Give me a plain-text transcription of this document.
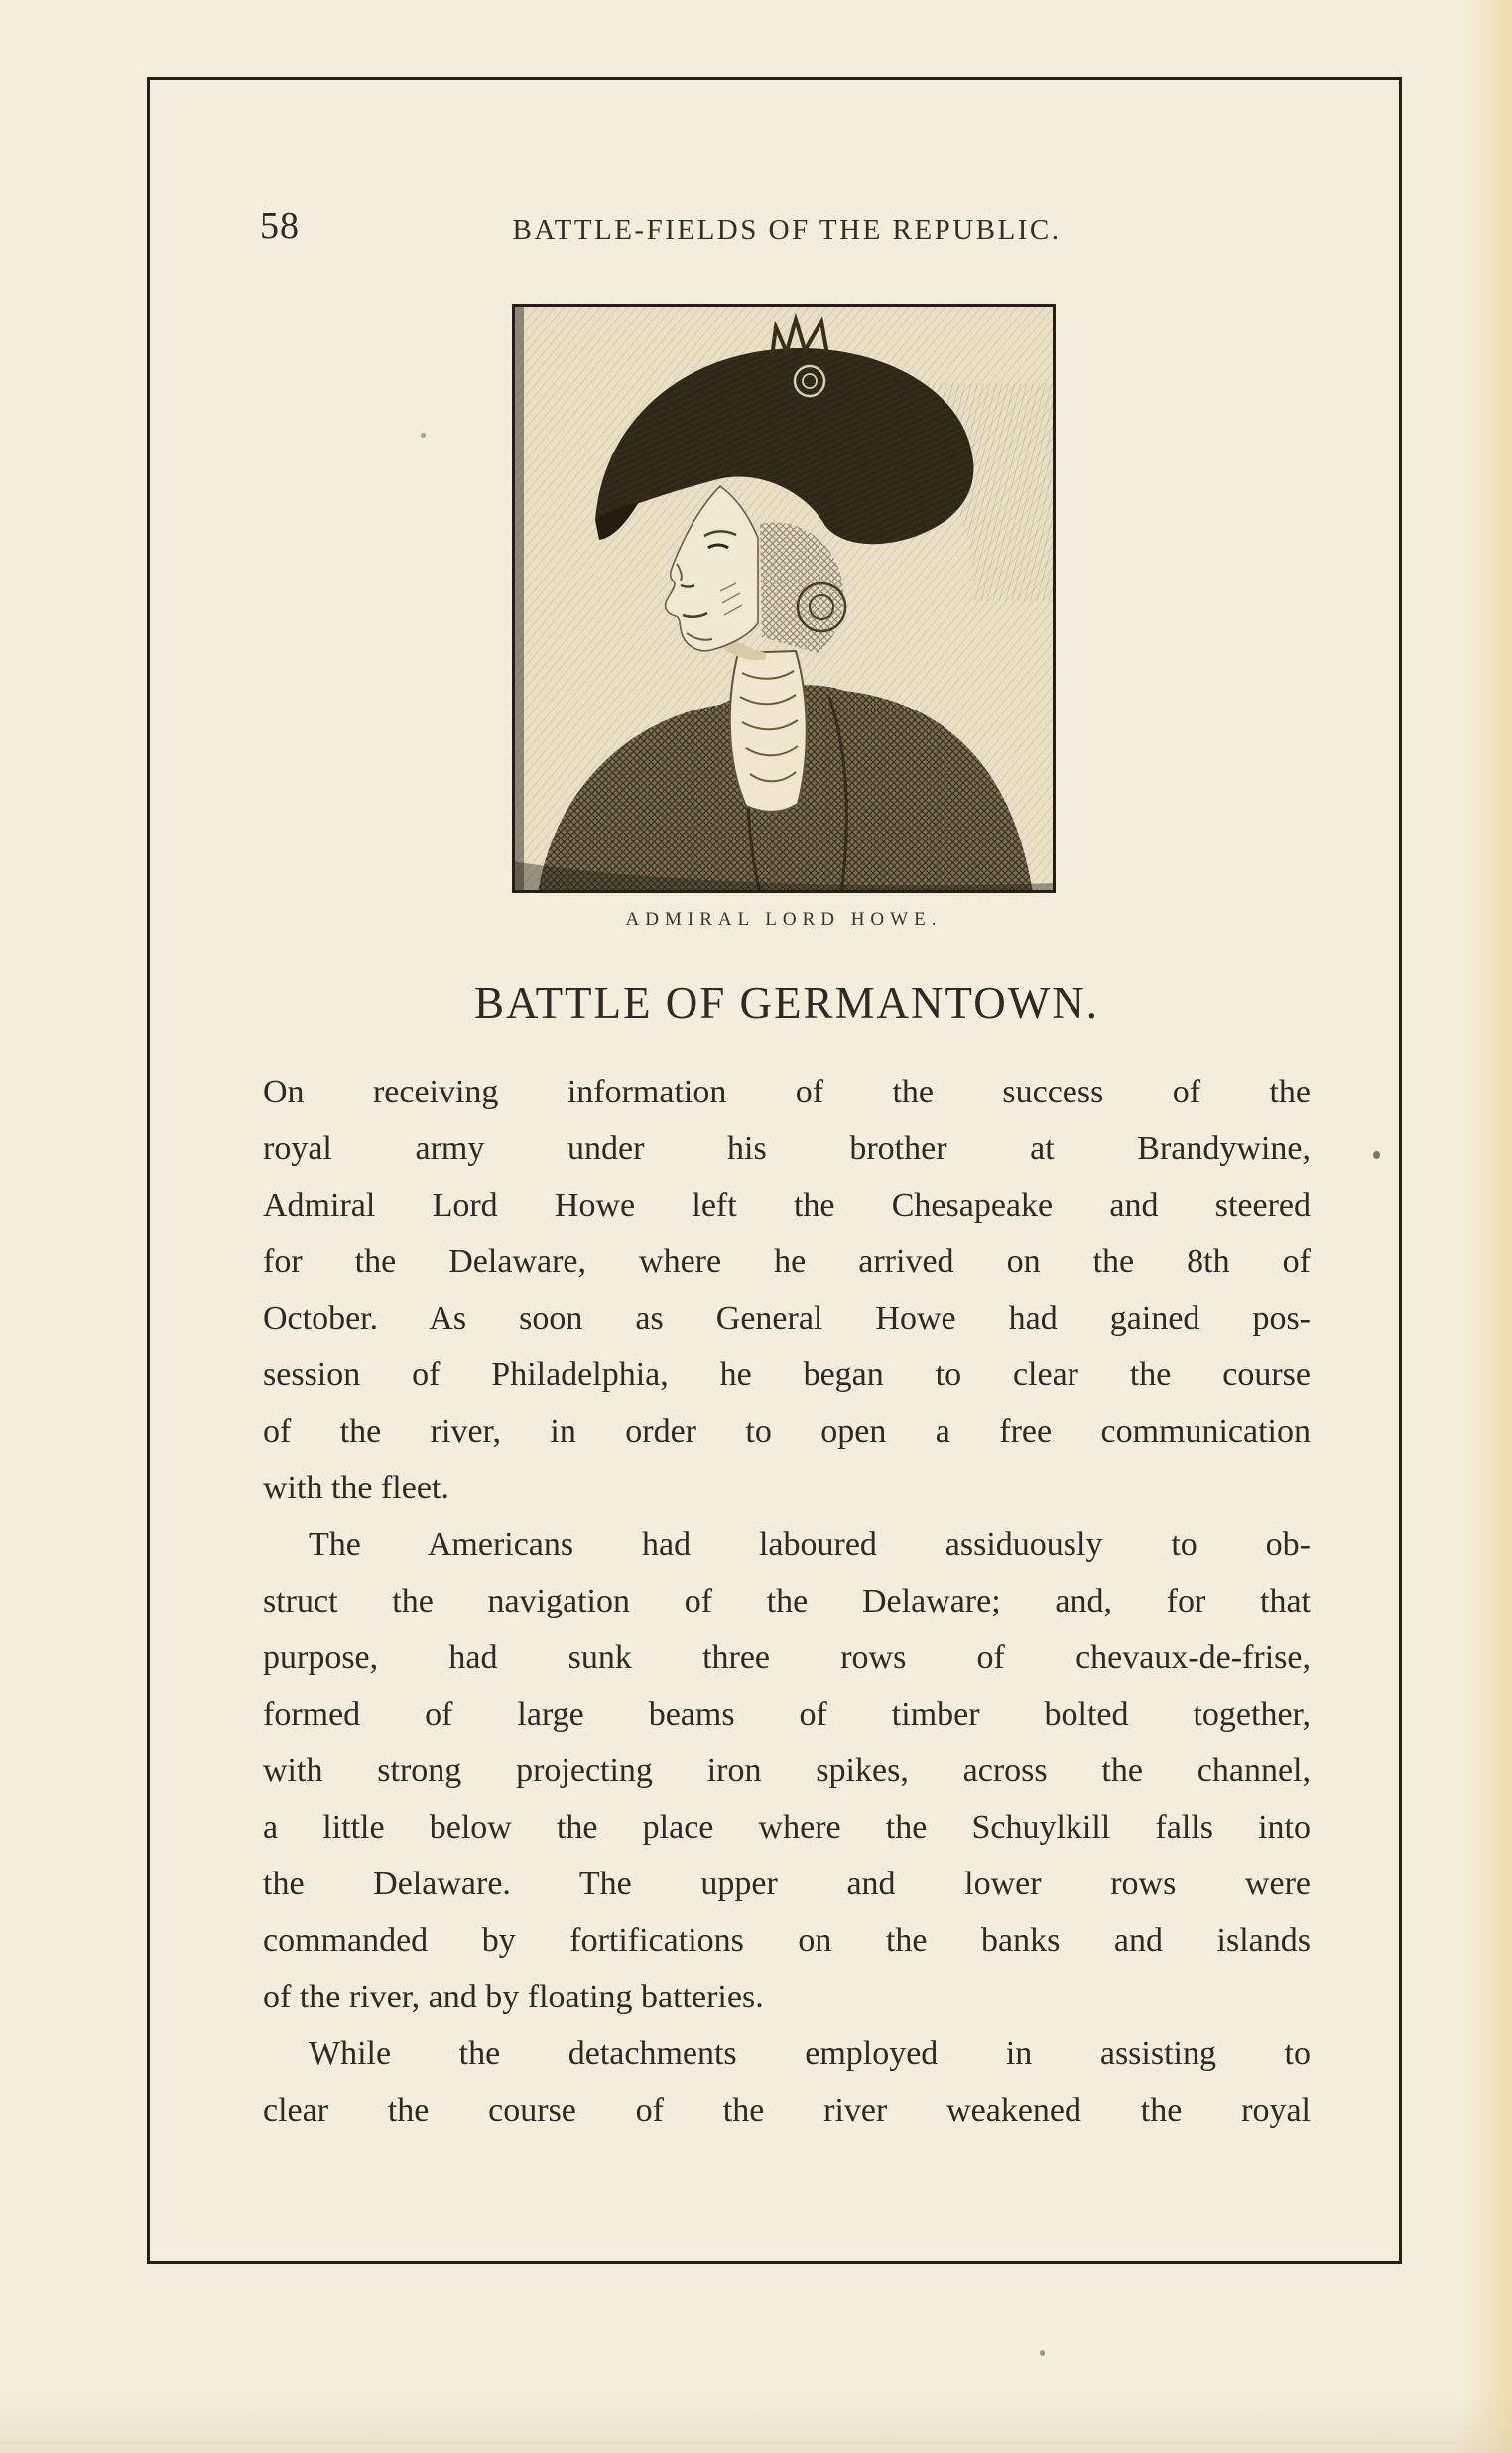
58	BATTLE-FIELDS OF THE REPUBLIC.
ADMIRAL LORD HOWE.
BATTLE OF GERMANTOWN.
On receiving information of the success of the
royal army under his brother at Brandywine,
Admiral Lord Howe left the Chesapeake and steered
for the Delaware, where he arrived on the 8th of
October. As soon as General Howe had gained pos-
session of Philadelphia, he began to clear the course
of the river, in order to open a free communication
with the fleet.
The Americans had laboured assiduously to ob-
struct the navigation of the Delaware; and, for that
purpose, had sunk three rows of chevaux-de-frise,
formed of large beams of timber bolted together,
with strong projecting iron spikes, across the channel,
a little below the place where the Schuylkill falls into
the Delaware. The upper and lower rows were
commanded by fortifications on the banks and islands
of the river, and by floating batteries.
While the detachments employed in assisting to
clear the course of the river weakened the royal
